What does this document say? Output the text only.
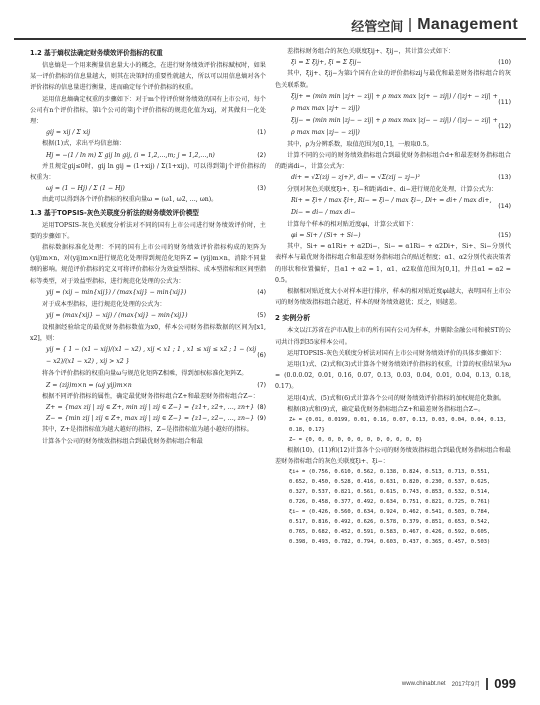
经管空间 Management
1.2 基于熵权法确定财务绩效评价指标的权重
信息熵是一个用来衡量信息量大小的概念，在进行财务绩效评价指标赋权时，如果某一评价指标的信息量越大，则其在决策时的重要性就越大，所以可以用信息熵对各个评价指标的信息量进行衡量，进而确定每个评价指标的权重。
运用信息熵确定权重的步骤如下：对于m个待评价财务绩效的国有上市公司，每个公司有n个评价指标，第i个公司的第j个评价指标的规范化值为xij，对其做归一化处理：
gij = xij / Σ xij	(1)
根据(1)式，求出平均信息熵：
Hj = −(1 / ln m) Σ gij ln gij, (i = 1,2,…,m; j = 1,2,…,n)	(2)
并且规定gij≤0时，gij ln gij = (1+xij) / Σ(1+xij)，可以得到第j个评价指标的权重为：
ωj = (1 − Hj) / Σ (1 − Hj)	(3)
由此可以得到各个评价指标的权重向量ω = (ω1, ω2, …, ωn)。
1.3 基于TOPSIS-灰色关联度分析法的财务绩效评价模型
运用TOPSIS-灰色关联度分析法对不同的国有上市公司进行财务绩效评价时，主要的步骤如下。
指标数据标准化处理：不同的国有上市公司的财务绩效评价指标构成的矩阵为(yij)m×n，对(yij)m×n进行规范化处理得到规范化矩阵Z = (yij)m×n，消除不同量纲的影响。规范评价指标的定义可将评价指标分为效益型指标、成本型指标和区间型指标等类型，对于效益型指标，进行规范化处理的公式为：
yij = (xij − min{xij}) / (max{xij} − min{xij})	(4)
对于成本型指标，进行规范化处理的公式为：
yij = (max{xij} − xij) / (max{xij} − min{xij})	(5)
设根据经验给定的最优财务指标数值为x0，样本公司财务指标数据的区间为[x1, x2]，则：
yij = { 1 − (x1 − xij)/(x1 − x2) , xij < x1 ; 1 , x1 ≤ xij ≤ x2 ; 1 − (xij − x2)/(x1 − x2) , xij > x2 }
(6)
将各个评价指标的权重向量ω与规范化矩阵Z相乘，得到加权标准化矩阵Z。
Z = (zij)m×n = (ωj yij)m×n	(7)
根据不同评价指标的属性，确定最优财务指标组合Z+和最差财务指标组合Z−：
Z+ = {max zij | zij ∈ Z+, min zij | zij ∈ Z−} = {z1+, z2+, …, zn+} (8)
Z− = {min zij | zij ∈ Z+, max zij | zij ∈ Z−} = {z1−, z2−, …, zn−} (9)
其中，Z+是指指标值为越大越好的指标，Z−是指指标值为越小越好的指标。
计算各个公司的财务绩效指标组合到最优财务指标组合和最
差指标财务组合的灰色关联度ξij+、ξij−，其计算公式如下：
ξi = Σ ξij+, ξi = Σ ξij−	(10)
其中，ξij+、ξij−为第i个国有企业的评价指标zij与最优和最差财务指标组合的灰色关联系数。
ξij+ = (min min |zj+ − zij| + ρ max max |zj+ − zij|) / (|zj+ − zij| + ρ max max |zj+ − zij|)
(11)
ξij− = (min min |zj− − zij| + ρ max max |zj− − zij|) / (|zj− − zij| + ρ max max |zj− − zij|)
(12)
其中，ρ为分辨系数，取值范围为[0,1]，一般取0.5。
计算不同的公司的财务绩效指标组合到最优财务指标组合d+和最差财务指标组合的距离di−，计算公式为：
di+ = √Σ(zij − zj+)², di− = √Σ(zij − zj−)²	(13)
分别对灰色关联度ξi+、ξi−和距离di+、di−进行规范化处理，计算公式为：
Ri+ = ξi+ / max ξi+, Ri− = ξi− / max ξi−, Di+ = di+ / max di+, Di− = di− / max di−
(14)
计算每个样本的相对贴近度φi，计算公式如下：
φi = Si+ / (Si+ + Si−)	(15)
其中，Si+ = α1Ri+ + α2Di−，Si− = α1Ri− + α2Di+，Si+、Si−分别代表样本与最优财务指标组合和最差财务指标组合的贴近程度；α1、α2分别代表决策者的形状和位置偏好，且α1 + α2 = 1，α1、α2取值范围为[0,1]，并且α1 = α2 = 0.5。
根据相对贴近度大小对样本进行排序，样本的相对贴近度φi越大，表明国有上市公司的财务绩效指标组合越近，样本的财务绩效越优；反之，则越差。
2 实例分析
本文以江苏省在沪市A股上市的所有国有公司为样本，并剔除金融公司和被ST的公司共计得到35家样本公司。
运用TOPSIS-灰色关联度分析法对国有上市公司财务绩效评价的具体步骤如下：
运用(1)式、(2)式和(3)式计算各个财务绩效评价指标的权重，计算的权重结果为ω = (0.0.0.02, 0.01, 0.16, 0.07, 0.13, 0.03, 0.04, 0.01, 0.04, 0.13, 0.18, 0.17)。
运用(4)式、(5)式和(6)式计算各个公司的财务绩效评价指标的加权规范化数据。
根据(8)式和(9)式，确定最优财务指标组合Z+和最差财务指标组合Z−。
Z+ = {0.01, 0.0199, 0.01, 0.16, 0.07, 0.13, 0.03, 0.04, 0.04, 0.13, 0.18, 0.17}
Z− = {0, 0, 0, 0, 0, 0, 0, 0, 0, 0, 0, 0}
根据(10)、(11)和(12)计算各个公司的财务绩效指标组合到最优财务指标组合和最差财务指标组合的灰色关联度ξi+、ξi−：
ξi+ = (0.756, 0.610, 0.562, 0.138, 0.824, 0.513, 0.713, 0.551, 0.652, 0.450, 0.528, 0.416, 0.631, 0.820, 0.230, 0.537, 0.625, 0.327, 0.537, 0.821, 0.561, 0.615, 0.743, 0.853, 0.532, 0.514, 0.726, 0.458, 0.377, 0.492, 0.634, 0.751, 0.821, 0.725, 0.761)
ξi− = (0.426, 0.560, 0.634, 0.924, 0.462, 0.541, 0.503, 0.784, 0.517, 0.816, 0.492, 0.626, 0.578, 0.379, 0.851, 0.653, 0.542, 0.765, 0.682, 0.452, 0.591, 0.583, 0.467, 0.426, 0.592, 0.605, 0.398, 0.493, 0.782, 0.794, 0.603, 0.437, 0.365, 0.457, 0.503)
www.chinabt.net 2017年9月 099
